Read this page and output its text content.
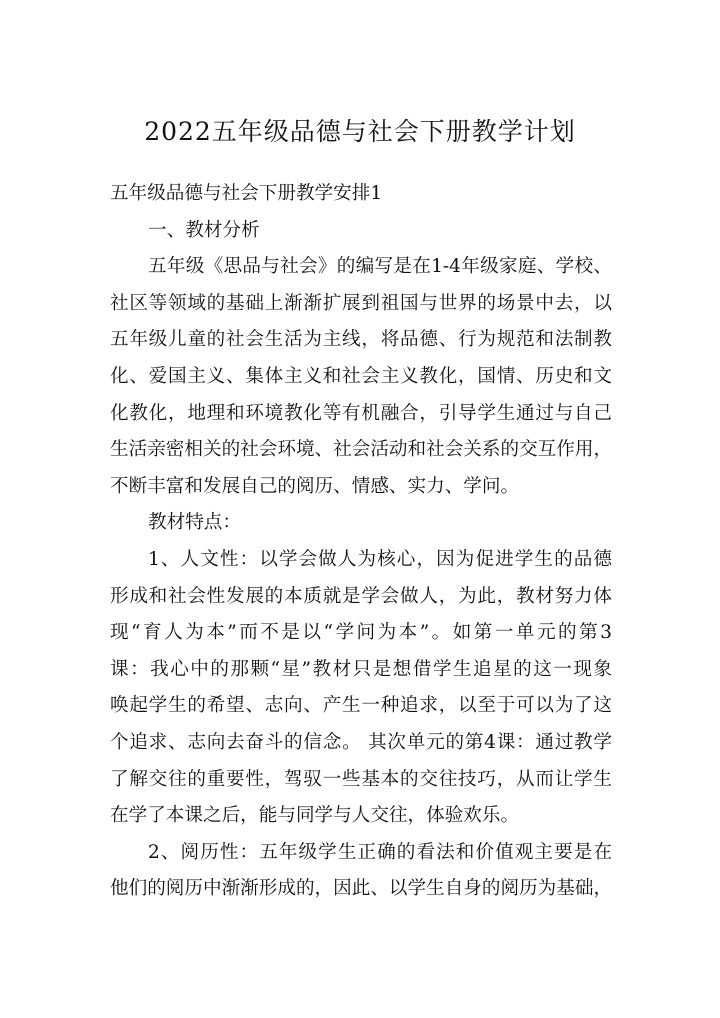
2022五年级品德与社会下册教学计划
五年级品德与社会下册教学安排1
一、教材分析
五年级《思品与社会》的编写是在1-4年级家庭、学校、
社区等领域的基础上渐渐扩展到祖国与世界的场景中去，以
五年级儿童的社会生活为主线，将品德、行为规范和法制教
化、爱国主义、集体主义和社会主义教化，国情、历史和文
化教化，地理和环境教化等有机融合，引导学生通过与自己
生活亲密相关的社会环境、社会活动和社会关系的交互作用，
不断丰富和发展自己的阅历、情感、实力、学问。
教材特点：
1、人文性：以学会做人为核心，因为促进学生的品德
形成和社会性发展的本质就是学会做人，为此，教材努力体
现“育人为本”而不是以“学问为本”。如第一单元的第3
课：我心中的那颗“星”教材只是想借学生追星的这一现象
唤起学生的希望、志向、产生一种追求，以至于可以为了这
个追求、志向去奋斗的信念。 其次单元的第4课：通过教学
了解交往的重要性，驾驭一些基本的交往技巧，从而让学生
在学了本课之后，能与同学与人交往，体验欢乐。
2、阅历性：五年级学生正确的看法和价值观主要是在
他们的阅历中渐渐形成的，因此、以学生自身的阅历为基础，
